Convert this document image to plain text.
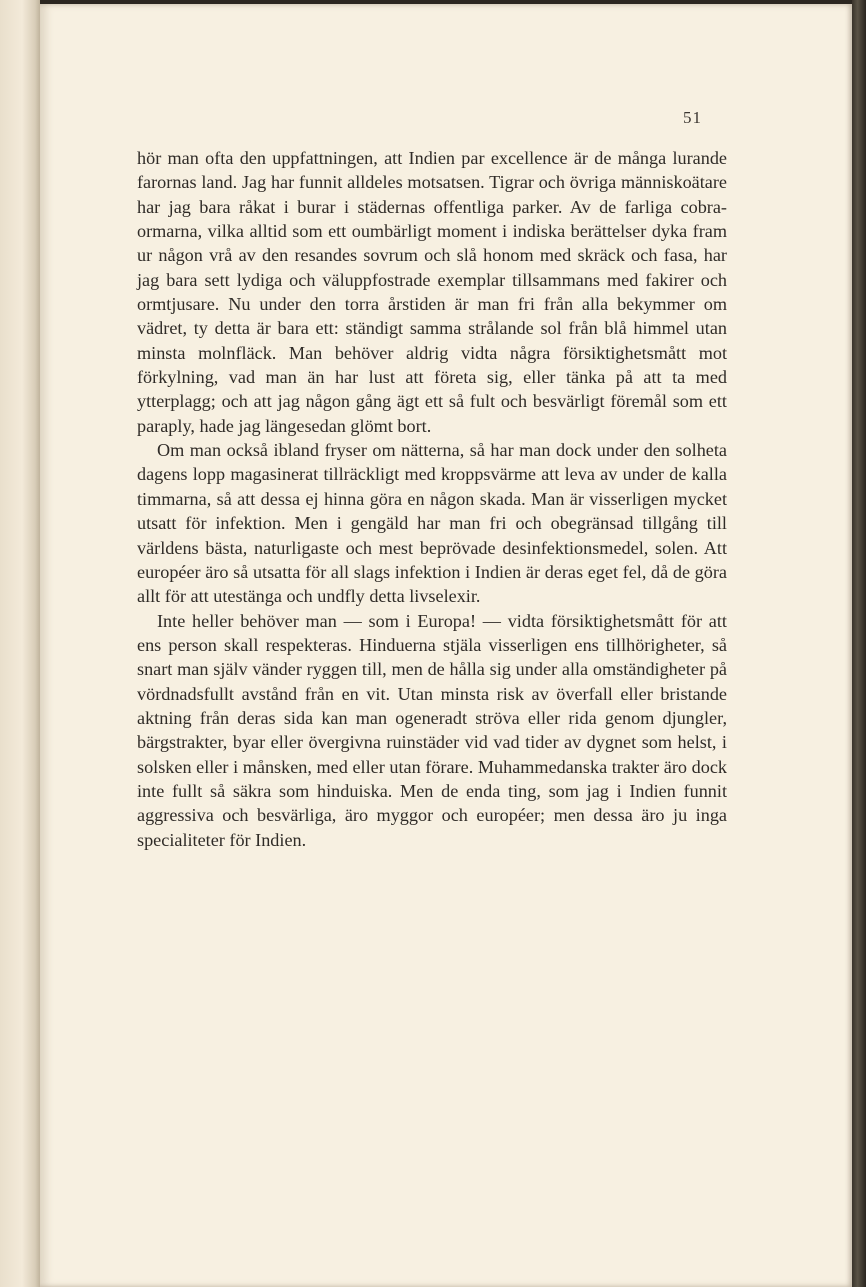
51

hör man ofta den uppfattningen, att Indien par excellence är de många lurande farornas land. Jag har funnit alldeles motsatsen. Tigrar och övriga människoätare har jag bara råkat i burar i städernas offentliga parker. Av de farliga cobra-ormarna, vilka alltid som ett oumbärligt moment i indiska berättelser dyka fram ur någon vrå av den resandes sovrum och slå honom med skräck och fasa, har jag bara sett lydiga och väluppfostrade exemplar tillsammans med fakirer och ormtjusare. Nu under den torra årstiden är man fri från alla bekymmer om vädret, ty detta är bara ett: ständigt samma strålande sol från blå himmel utan minsta molnfläck. Man behöver aldrig vidta några försiktighetsmått mot förkylning, vad man än har lust att företa sig, eller tänka på att ta med ytterplagg; och att jag någon gång ägt ett så fult och besvärligt föremål som ett paraply, hade jag längesedan glömt bort.

Om man också ibland fryser om nätterna, så har man dock under den solheta dagens lopp magasinerat tillräckligt med kroppsvärme att leva av under de kalla timmarna, så att dessa ej hinna göra en någon skada. Man är visserligen mycket utsatt för infektion. Men i gengäld har man fri och obegränsad tillgång till världens bästa, naturligaste och mest beprövade desinfektionsmedel, solen. Att européer äro så utsatta för all slags infektion i Indien är deras eget fel, då de göra allt för att utestänga och undfly detta livselexir.

Inte heller behöver man — som i Europa! — vidta försiktighetsmått för att ens person skall respekteras. Hinduerna stjäla visserligen ens tillhörigheter, så snart man själv vänder ryggen till, men de hålla sig under alla omständigheter på vördnadsfullt avstånd från en vit. Utan minsta risk av överfall eller bristande aktning från deras sida kan man ogeneradt ströva eller rida genom djungler, bärgstrakter, byar eller övergivna ruinstäder vid vad tider av dygnet som helst, i solsken eller i månsken, med eller utan förare. Muhammedanska trakter äro dock inte fullt så säkra som hinduiska. Men de enda ting, som jag i Indien funnit aggressiva och besvärliga, äro myggor och européer; men dessa äro ju inga specialiteter för Indien.
